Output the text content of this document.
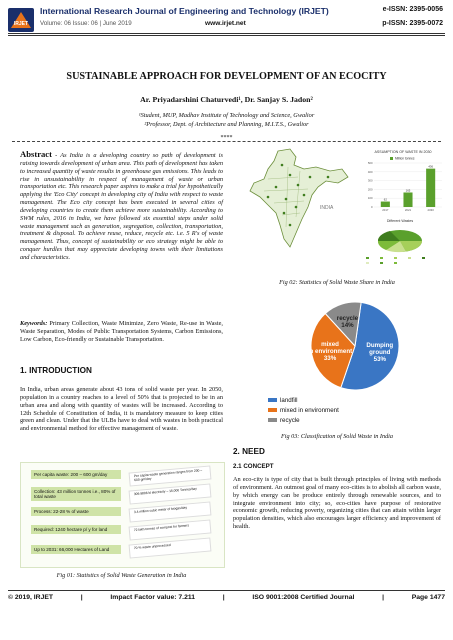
IRJET
International Research Journal of Engineering and Technology (IRJET)	e-ISSN: 2395-0056
Volume: 06 Issue: 06 | June 2019	www.irjet.net	p-ISSN: 2395-0072
SUSTAINABLE APPROACH FOR DEVELOPMENT OF AN ECOCITY
Ar. Priyadarshini Chaturvedi¹, Dr. Sanjay S. Jadon²
¹Student, MUP, Madhav Institute of Technology and Science, Gwalior
²Professor, Dept. of Architecture and Planning, M.I.T.S., Gwalior
****
Abstract - As India is a developing country so path of development is raising towards development of urban area. This path of development has taken to increased quantity of waste results in greenhouse gas emissions. This leads to rise in unsustainability in respect of management of waste or urban transportation etc. This research paper aspires to make a trial for hypothetically applying the 'Eco City' concept in developing city of India with respect to waste management. The Eco city concept has been executed in several cities of developing countries to create them achieve more sustainability. According to SWM rules, 2016 in India, we have followed six essential steps under solid waste management such as generation, segregation, collection, transportation, treatment & disposal. To achieve reuse, reduce, recycle etc. i.e. 5 R's of waste management. Thus, concept of sustainability or eco strategy might be able to conquer hurdles that may appreciate developing towns with their limitations and characteristics.
Keywords: Primary Collection, Waste Minimize, Zero Waste, Re-use in Waste, Waste Separation, Modes of Public Transportation Systems, Carbon Emissions, Low Carbon, Eco-friendly or Sustainable Transportation.
1. INTRODUCTION
In India, urban areas generate about 43 tons of solid waste per year. In 2050, population in a country reaches to a level of 50% that is projected to be in an urban area and along with quantity of wastes will be increased. According to 12th Schedule of Constitution of India, it is mandatory measure to keep cities green and clean. Under that the ULBs have to deal with wastes in both practical and environmental method for effective management of waste.
Per capita waste: 200 – 600 gm/day
Collection: 43 million tonnes i.e., 80% of total waste
Process: 22-28 % of waste
Required: 1240 hectare p/ y for land
Up to 2031: 66,000 Hectares of Land
Per capita waste generation ranges from 200 – 600 gm/day
309.9806 kl electricity – 15,000 Tonnes/day
3.4 million cubic meter of biogas/day
72 lakh tonnes of compost for farmers
70 % waste unprocessed
Fig 01: Statistics of Solid Waste Generation in India
INDIA
ASSUMPTION OF WASTE IN 2030
Million tonnes
0
100
200
300
400
500
62
2017
165
2021
436
2030
Different Wastes
Fig 02: Statistics of Solid Waste Share in India
Dumping
ground
53%
mixed
in environment
33%
recycle
14%
landfill
mixed in environment
recycle
Fig 03: Classification of Solid Waste in India
2. NEED
2.1 CONCEPT
An eco-city is type of city that is built through principles of living with methods of environment. An outmost goal of many eco-cities is to abolish all carbon waste, by which energy can be produce entirely through renewable sources, and to integrate environment into city; so, eco-cities have purpose of restorative economic growth, reducing poverty, organizing cities that can attain within larger population densities, which also encourages larger efficiency and improvement of health.
© 2019, IRJET	|	Impact Factor value: 7.211	|	ISO 9001:2008 Certified Journal	|	Page 1477
